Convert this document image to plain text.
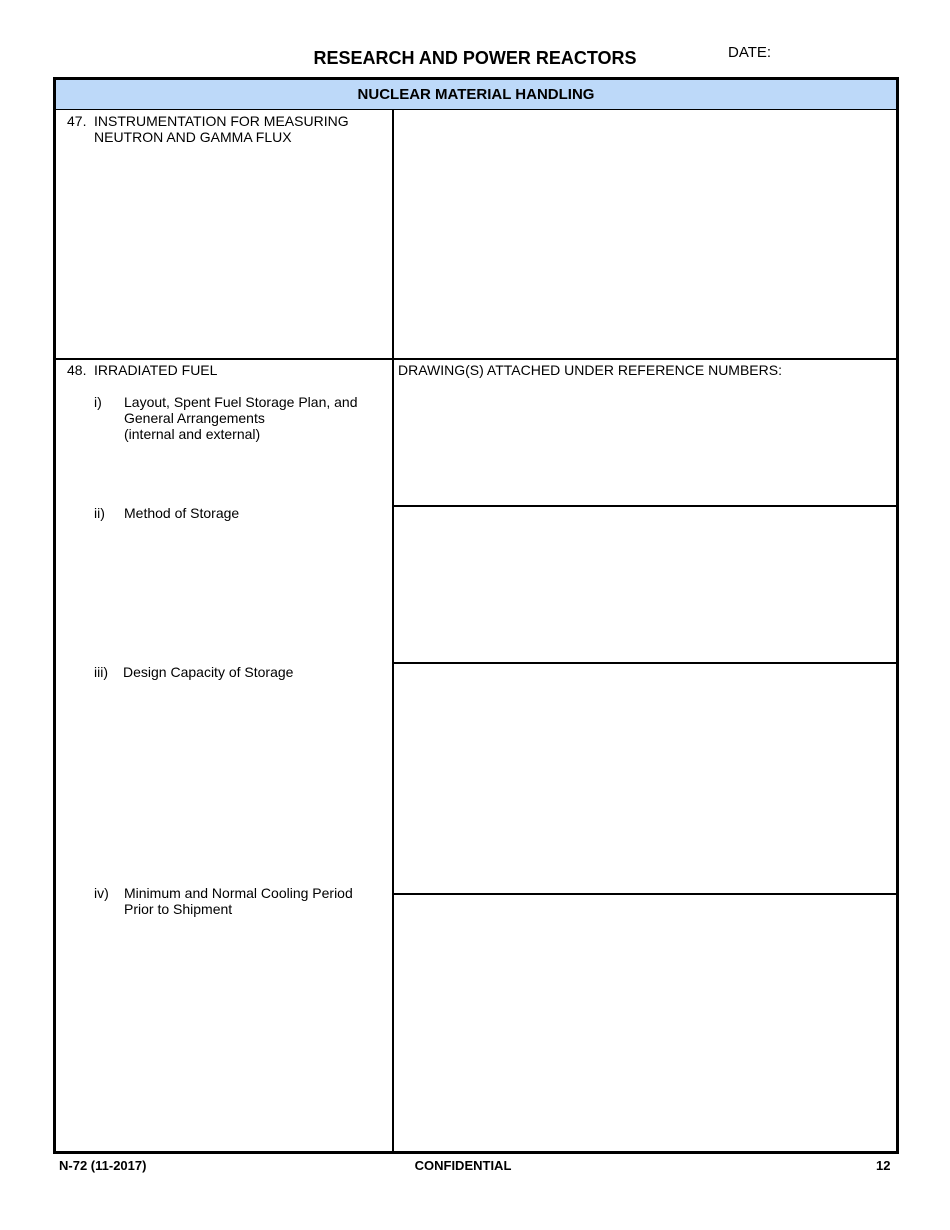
RESEARCH AND POWER REACTORS	DATE:
NUCLEAR MATERIAL HANDLING
47. INSTRUMENTATION FOR MEASURING
NEUTRON AND GAMMA FLUX
48. IRRADIATED FUEL	DRAWING(S) ATTACHED UNDER REFERENCE NUMBERS:
i) Layout, Spent Fuel Storage Plan, and
General Arrangements
(internal and external)
ii) Method of Storage
iii) Design Capacity of Storage
iv) Minimum and Normal Cooling Period
Prior to Shipment
N-72 (11-2017)	CONFIDENTIAL	12
